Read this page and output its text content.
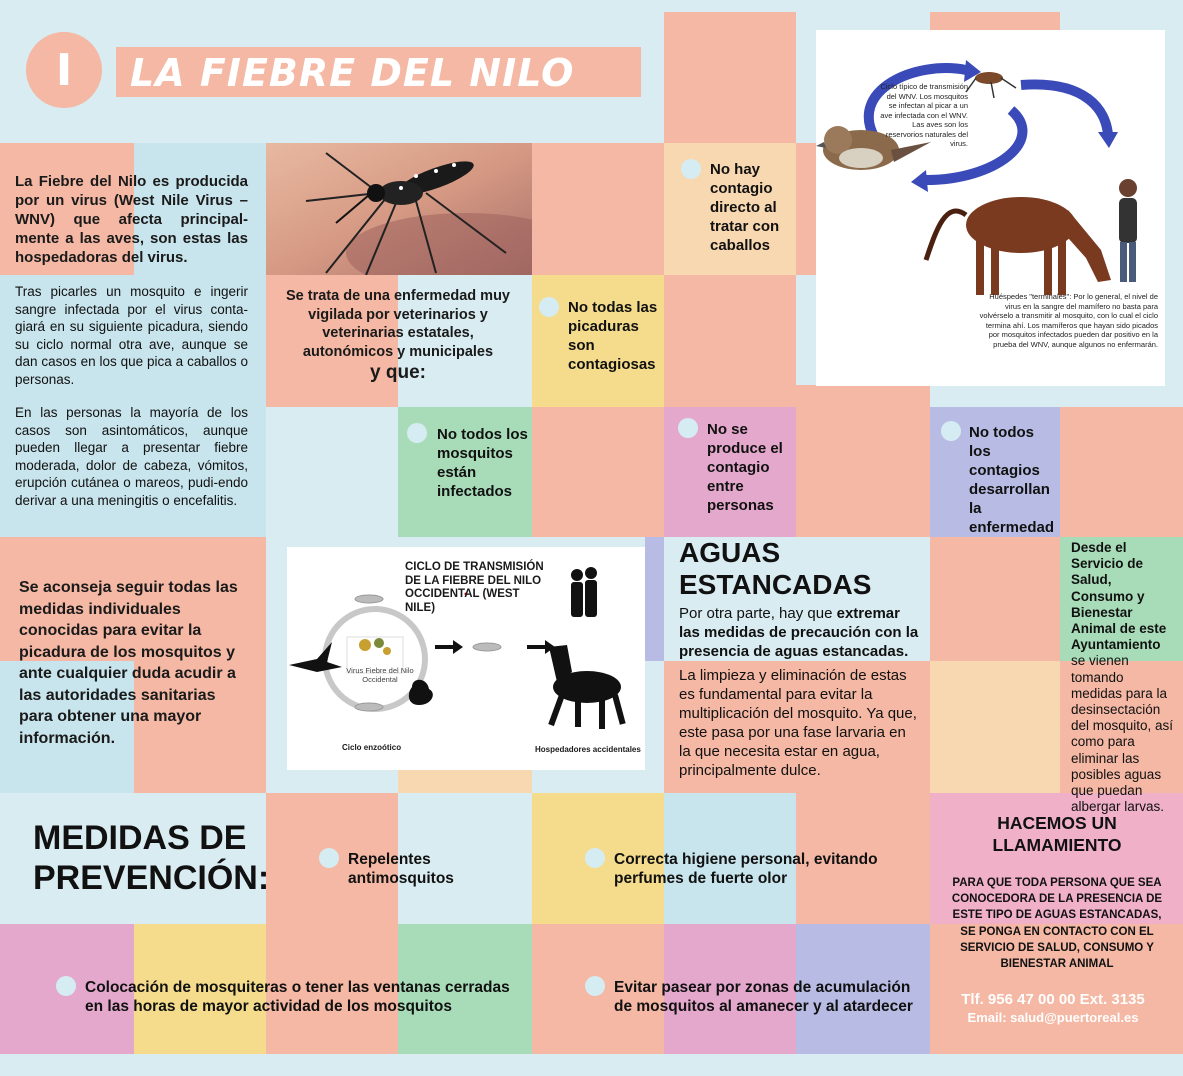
I LA FIEBRE DEL NILO
La Fiebre del Nilo es producida por un virus (West Nile Virus –WNV) que afecta principal-mente a las aves, son estas las hospedadoras del virus.
Tras picarles un mosquito e ingerir sangre infectada por el virus conta-giará en su siguiente picadura, siendo su ciclo normal otra ave, aunque se dan casos en los que pica a caballos o personas.
En las personas la mayoría de los casos son asintomáticos, aunque pueden llegar a presentar fiebre moderada, dolor de cabeza, vómitos, erupción cutánea o mareos, pudi-endo derivar a una meningitis o encefalitis.
Se trata de una enfermedad muy vigilada por veterinarios y veterinarias estatales, autonómicos y municipales
y que:
No hay contagio directo al tratar con caballos
No todas las picaduras son contagiosas
No todos los mosquitos están infectados
No se produce el contagio entre personas
No todos los contagios desarrollan la enfermedad
Ciclo típico de transmisión del WNV. Los mosquitos se infectan al picar a un ave infectada con el WNV. Las aves son los reservorios naturales del virus.
Huéspedes "terminales": Por lo general, el nivel de virus en la sangre del mamífero no basta para volvérselo a transmitir al mosquito, con lo cual el ciclo termina ahí. Los mamíferos que hayan sido picados por mosquitos infectados pueden dar positivo en la prueba del WNV, aunque algunos no enfermarán.
Se aconseja seguir todas las medidas individuales conocidas para evitar la picadura de los mosquitos y ante cualquier duda acudir a las autoridades sanitarias para obtener una mayor información.
CICLO DE TRANSMISIÓN DE LA FIEBRE DEL NILO OCCIDENTAL (WEST NILE)
Virus Fiebre del Nilo Occidental
Ciclo enzoótico	Hospedadores accidentales
AGUAS ESTANCADAS
Por otra parte, hay que extremar las medidas de precaución con la presencia de aguas estancadas.
La limpieza y eliminación de estas es fundamental para evitar la multiplicación del mosquito. Ya que, este pasa por una fase larvaria en la que necesita estar en agua, principalmente dulce.
Desde el Servicio de Salud, Consumo y Bienestar Animal de este Ayuntamiento se vienen tomando medidas para la desinsectación del mosquito, así como para eliminar las posibles aguas que puedan albergar larvas.
MEDIDAS DE
PREVENCIÓN:	Repelentes antimosquitos
Correcta higiene personal, evitando perfumes de fuerte olor
Colocación de mosquiteras o tener las ventanas cerradas en las horas de mayor actividad de los mosquitos
Evitar pasear por zonas de acumulación de mosquitos al amanecer y al atardecer
HACEMOS UN LLAMAMIENTO
PARA QUE TODA PERSONA QUE SEA CONOCEDORA DE LA PRESENCIA DE ESTE TIPO DE AGUAS ESTANCADAS, SE PONGA EN CONTACTO CON EL SERVICIO DE SALUD, CONSUMO Y BIENESTAR ANIMAL
Tlf. 956 47 00 00 Ext. 3135
Email: salud@puertoreal.es
